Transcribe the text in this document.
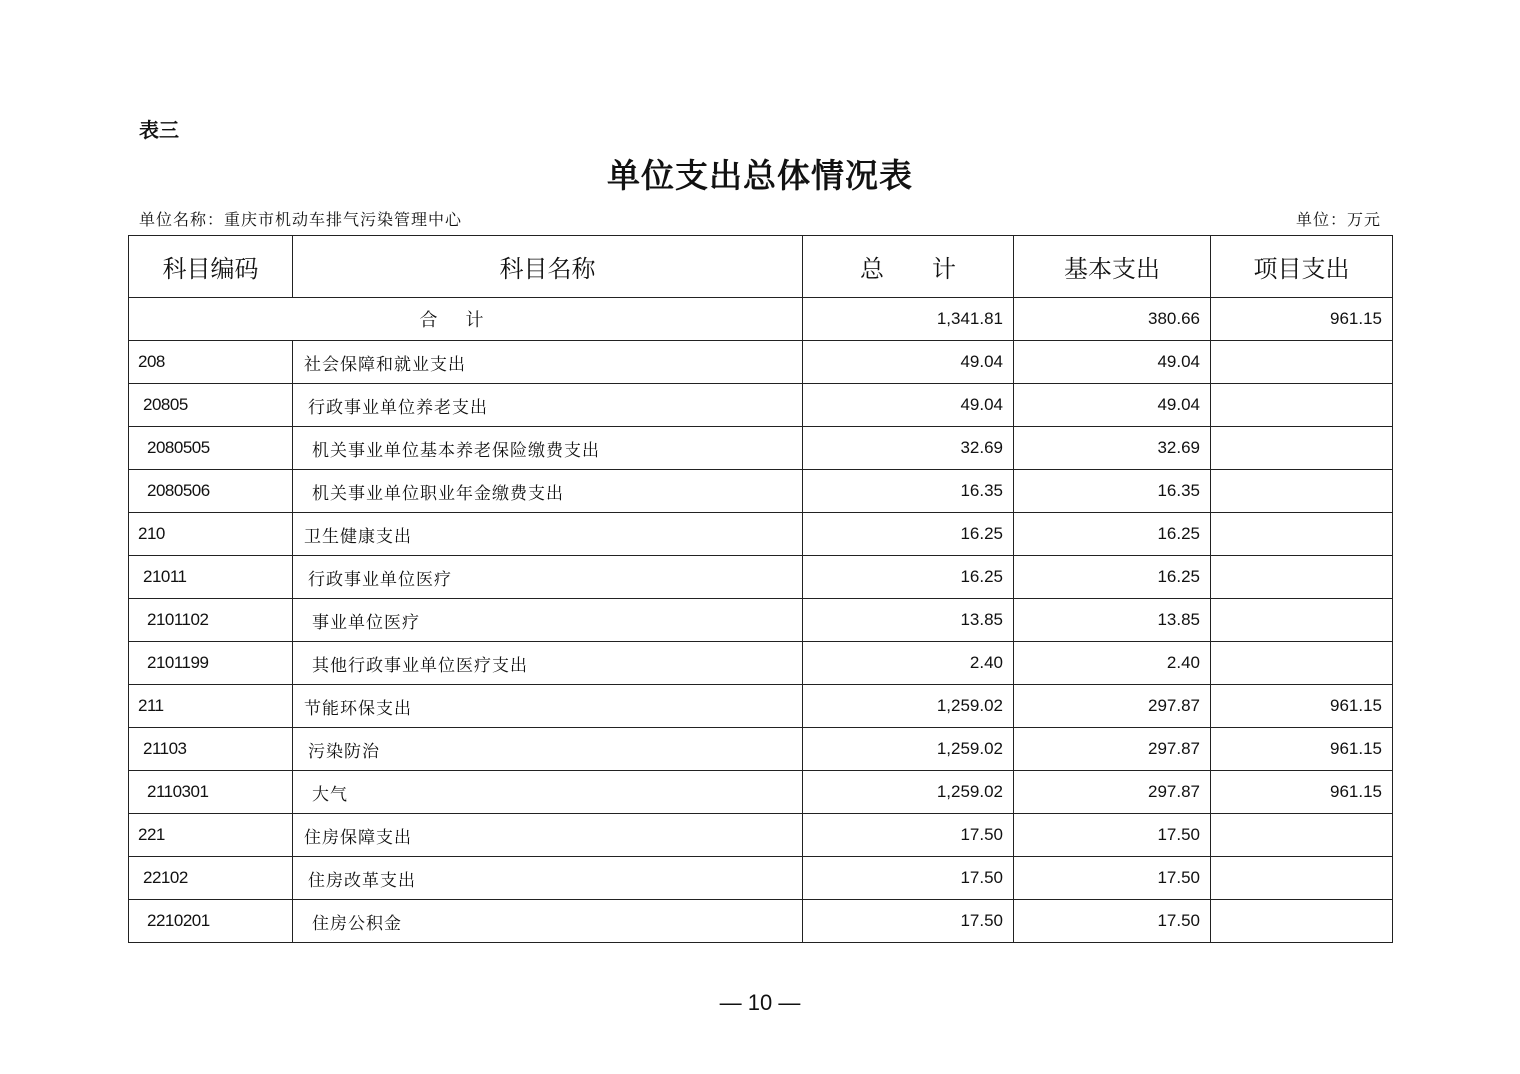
表三
单位支出总体情况表
单位名称：重庆市机动车排气污染管理中心	单位：万元
科目编码	科目名称	总　　计	基本支出	项目支出
合计		1,341.81	380.66	961.15
208	社会保障和就业支出	49.04	49.04	
20805	行政事业单位养老支出	49.04	49.04	
2080505	机关事业单位基本养老保险缴费支出	32.69	32.69	
2080506	机关事业单位职业年金缴费支出	16.35	16.35	
210	卫生健康支出	16.25	16.25	
21011	行政事业单位医疗	16.25	16.25	
2101102	事业单位医疗	13.85	13.85	
2101199	其他行政事业单位医疗支出	2.40	2.40	
211	节能环保支出	1,259.02	297.87	961.15
21103	污染防治	1,259.02	297.87	961.15
2110301	大气	1,259.02	297.87	961.15
221	住房保障支出	17.50	17.50	
22102	住房改革支出	17.50	17.50	
2210201	住房公积金	17.50	17.50	
— 10 —
